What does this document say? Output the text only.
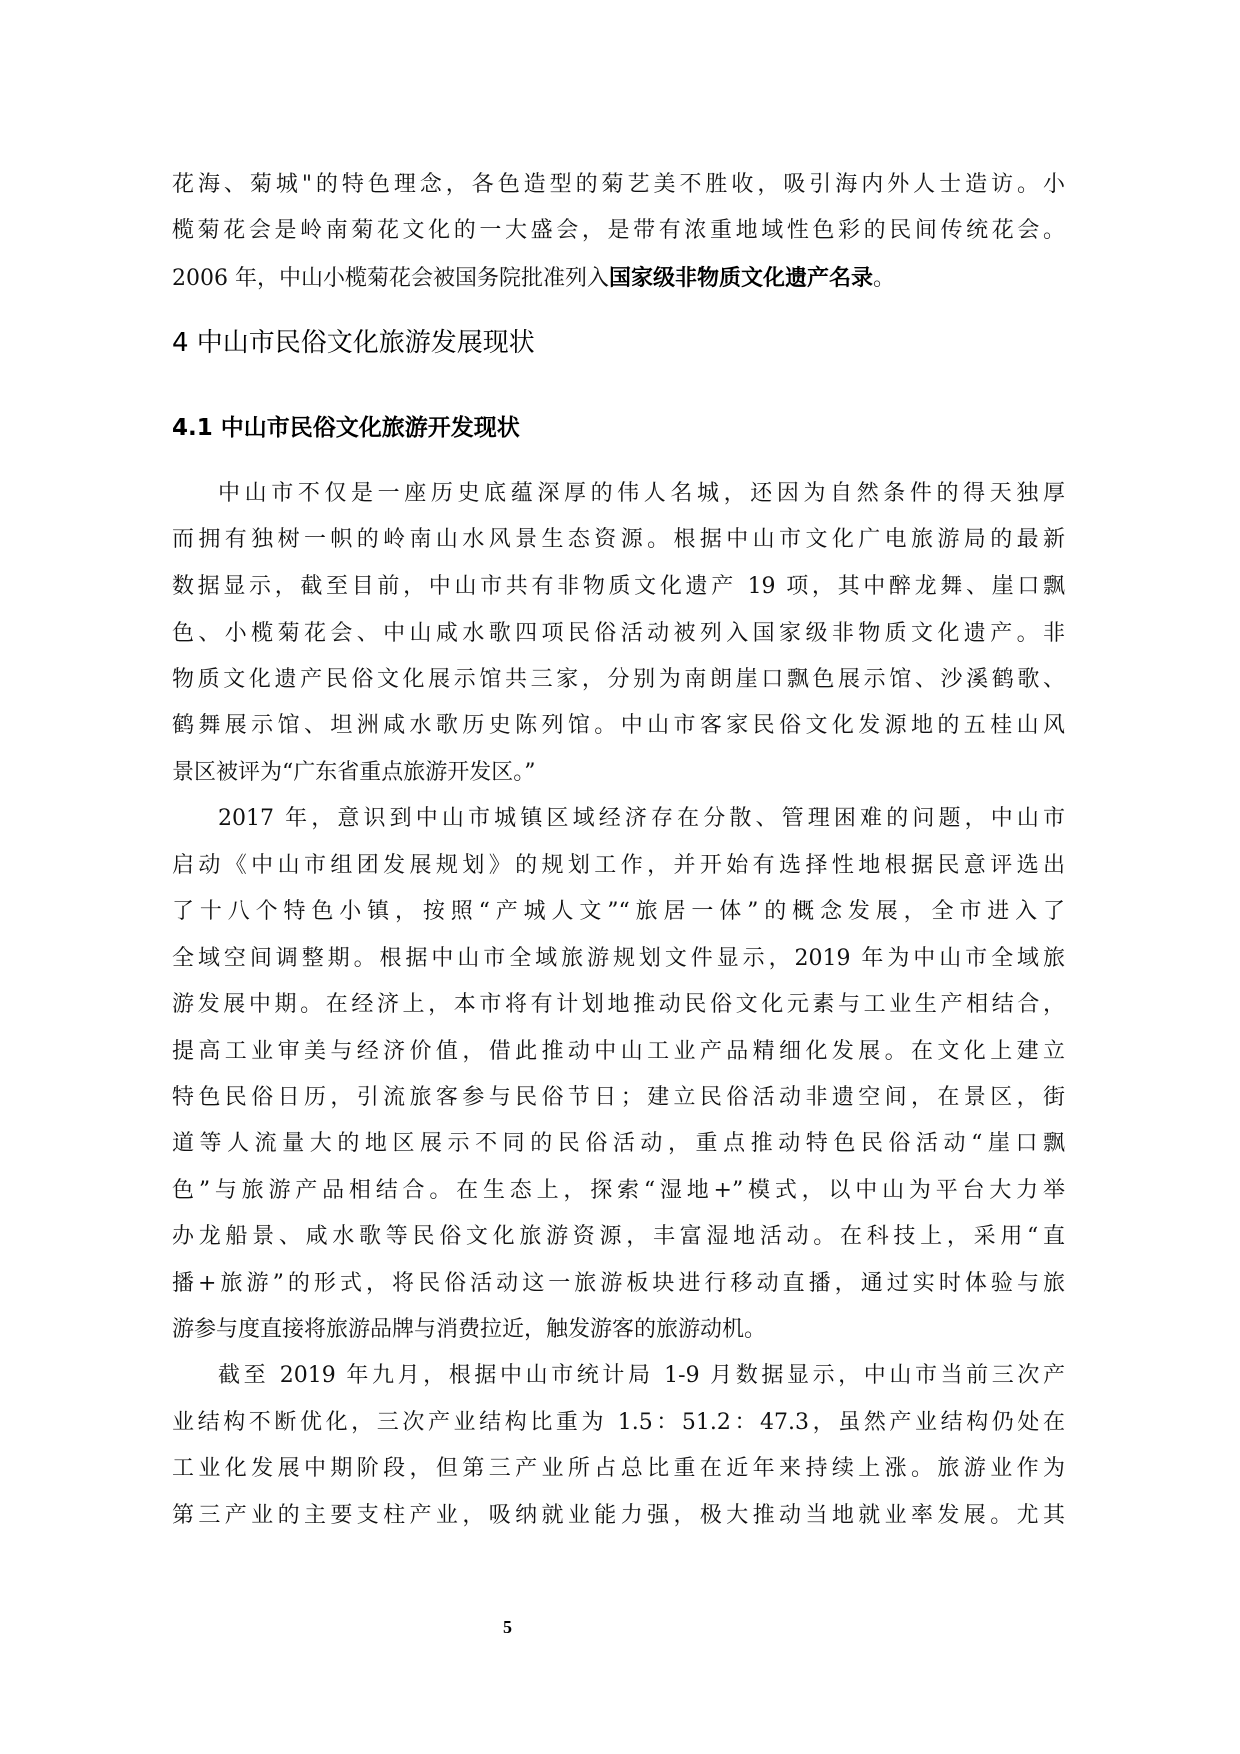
花海、菊城"的特色理念，各色造型的菊艺美不胜收，吸引海内外人士造访。小
榄菊花会是岭南菊花文化的一大盛会，是带有浓重地域性色彩的民间传统花会。
2006 年，中山小榄菊花会被国务院批准列入国家级非物质文化遗产名录。
4 中山市民俗文化旅游发展现状
4.1 中山市民俗文化旅游开发现状
中山市不仅是一座历史底蕴深厚的伟人名城，还因为自然条件的得天独厚
而拥有独树一帜的岭南山水风景生态资源。根据中山市文化广电旅游局的最新
数据显示，截至目前，中山市共有非物质文化遗产 19 项，其中醉龙舞、崖口飘
色、小榄菊花会、中山咸水歌四项民俗活动被列入国家级非物质文化遗产。非
物质文化遗产民俗文化展示馆共三家，分别为南朗崖口飘色展示馆、沙溪鹤歌、
鹤舞展示馆、坦洲咸水歌历史陈列馆。中山市客家民俗文化发源地的五桂山风
景区被评为“广东省重点旅游开发区。”
2017 年，意识到中山市城镇区域经济存在分散、管理困难的问题，中山市
启动《中山市组团发展规划》的规划工作，并开始有选择性地根据民意评选出
了十八个特色小镇，按照“产城人文”“旅居一体”的概念发展，全市进入了
全域空间调整期。根据中山市全域旅游规划文件显示，2019 年为中山市全域旅
游发展中期。在经济上，本市将有计划地推动民俗文化元素与工业生产相结合，
提高工业审美与经济价值，借此推动中山工业产品精细化发展。在文化上建立
特色民俗日历，引流旅客参与民俗节日；建立民俗活动非遗空间，在景区，街
道等人流量大的地区展示不同的民俗活动，重点推动特色民俗活动“崖口飘
色”与旅游产品相结合。在生态上，探索“湿地+”模式，以中山为平台大力举
办龙船景、咸水歌等民俗文化旅游资源，丰富湿地活动。在科技上，采用“直
播+旅游”的形式，将民俗活动这一旅游板块进行移动直播，通过实时体验与旅
游参与度直接将旅游品牌与消费拉近，触发游客的旅游动机。
截至 2019 年九月，根据中山市统计局 1-9 月数据显示，中山市当前三次产
业结构不断优化，三次产业结构比重为 1.5：51.2：47.3，虽然产业结构仍处在
工业化发展中期阶段，但第三产业所占总比重在近年来持续上涨。旅游业作为
第三产业的主要支柱产业，吸纳就业能力强，极大推动当地就业率发展。尤其
5
